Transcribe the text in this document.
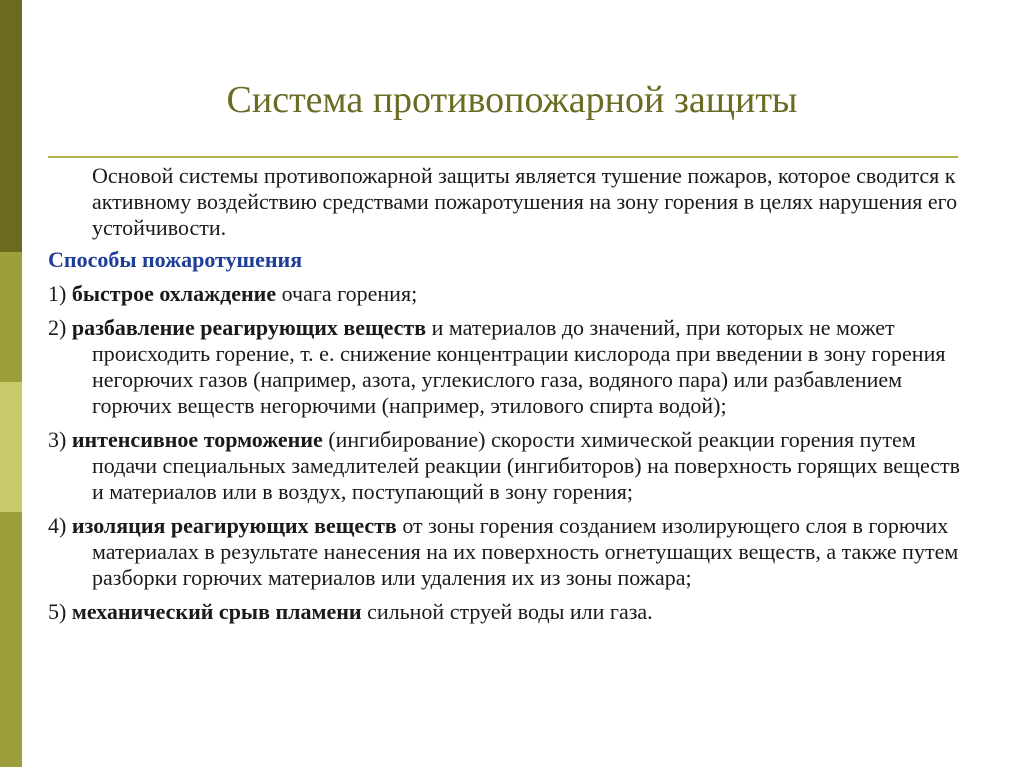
Система противопожарной защиты

Основой системы противопожарной защиты является тушение пожаров, которое сводится к активному воздействию средствами пожаротушения на зону горения в целях нарушения его устойчивости.

Способы пожаротушения

1) быстрое охлаждение очага горения;

2) разбавление реагирующих веществ и материалов до значений, при которых не может происходить горение, т. е. снижение концентрации кислорода при введении в зону горения негорючих газов (например, азота, углекислого газа, водяного пара) или разбавлением горючих веществ негорючими (например, этилового спирта водой);

3) интенсивное торможение (ингибирование) скорости химической реакции горения путем подачи специальных замедлителей реакции (ингибиторов) на поверхность горящих веществ и материалов или в воздух, поступающий в зону горения;

4) изоляция реагирующих веществ от зоны горения созданием изолирующего слоя в горючих материалах в результате нанесения на их поверхность огнетушащих веществ, а также путем разборки горючих материалов или удаления их из зоны пожара;

5) механический срыв пламени сильной струей воды или газа.
